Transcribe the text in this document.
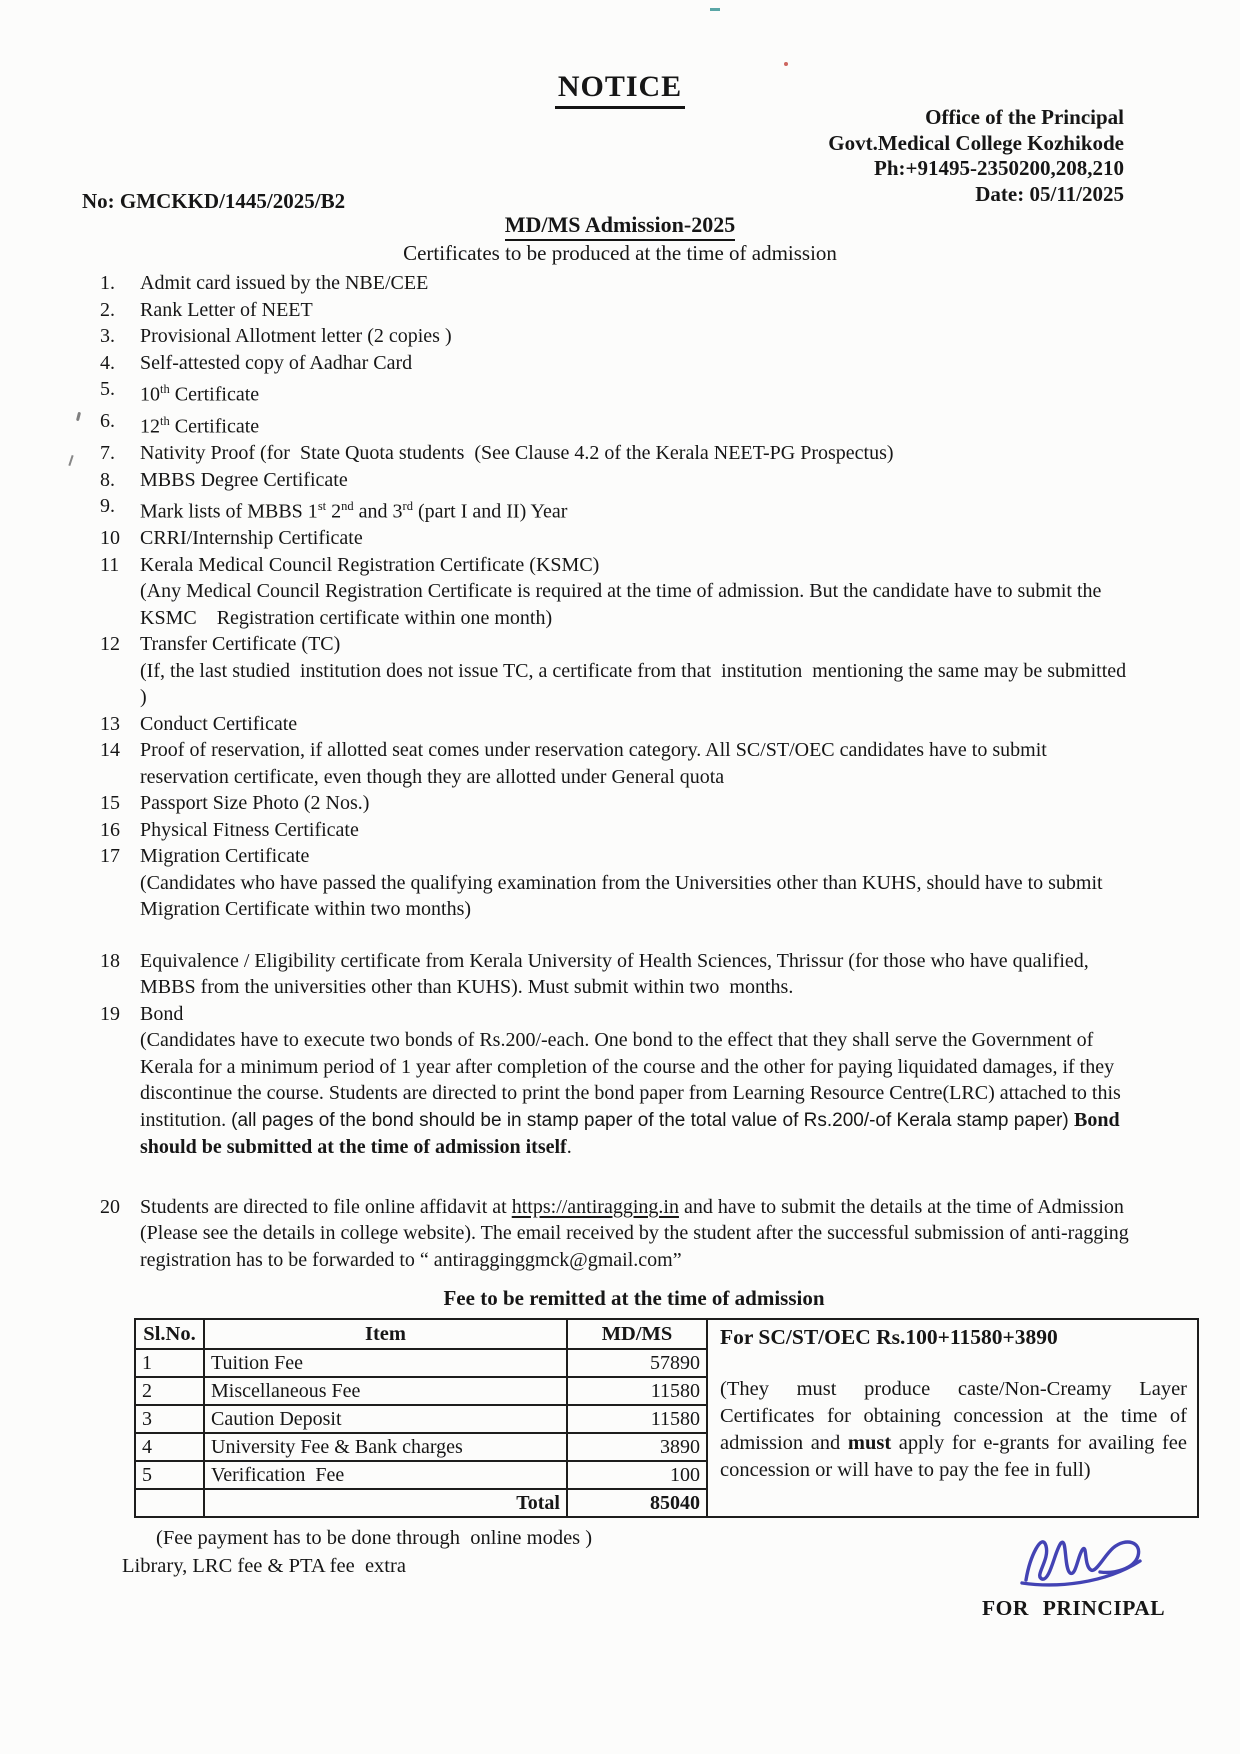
NOTICE
Office of the Principal
Govt.Medical College Kozhikode
Ph:+91495-2350200,208,210
Date: 05/11/2025
No: GMCKKD/1445/2025/B2
MD/MS Admission-2025
Certificates to be produced at the time of admission
1.	Admit card issued by the NBE/CEE

2.	Rank Letter of NEET

3.	Provisional Allotment letter (2 copies )

4.	Self-attested copy of Aadhar Card

5.	10th Certificate

6.	12th Certificate

7.	Nativity Proof (for  State Quota students  (See Clause 4.2 of the Kerala NEET-PG Prospectus)

8.	MBBS Degree Certificate

9.	Mark lists of MBBS 1st 2nd and 3rd (part I and II) Year

10	CRRI/Internship Certificate

11	Kerala Medical Council Registration Certificate (KSMC)

(Any Medical Council Registration Certificate is required at the time of admission. But the candidate have to submit the KSMC    Registration certificate within one month)

12	Transfer Certificate (TC)

(If, the last studied  institution does not issue TC, a certificate from that  institution  mentioning the same may be submitted )

13	Conduct Certificate

14	Proof of reservation, if allotted seat comes under reservation category. All SC/ST/OEC candidates have to submit reservation certificate, even though they are allotted under General quota

15	Passport Size Photo (2 Nos.)

16	Physical Fitness Certificate

17	Migration Certificate

(Candidates who have passed the qualifying examination from the Universities other than KUHS, should have to submit Migration Certificate within two months)

18	Equivalence / Eligibility certificate from Kerala University of Health Sciences, Thrissur (for those who have qualified, MBBS from the universities other than KUHS). Must submit within two  months.

19	Bond

(Candidates have to execute two bonds of Rs.200/-each. One bond to the effect that they shall serve the Government of Kerala for a minimum period of 1 year after completion of the course and the other for paying liquidated damages, if they discontinue the course. Students are directed to print the bond paper from Learning Resource Centre(LRC) attached to this institution. (all pages of the bond should be in stamp paper of the total value of Rs.200/-of Kerala stamp paper) Bond should be submitted at the time of admission itself.

20	Students are directed to file online affidavit at https://antiragging.in and have to submit the details at the time of Admission (Please see the details in college website). The email received by the student after the successful submission of anti-ragging registration has to be forwarded to “ antiragginggmck@gmail.com”

Fee to be remitted at the time of admission
Sl.No.	Item	MD/MS
1	Tuition Fee	57890
2	Miscellaneous Fee	11580
3	Caution Deposit	11580
4	University Fee & Bank charges	3890
5	Verification  Fee	100
	Total	85040
For SC/ST/OEC Rs.100+11580+3890

(They must produce caste/Non-Creamy Layer Certificates for obtaining concession at the time of admission and must apply for e-grants for availing fee concession or will have to pay the fee in full)

(Fee payment has to be done through  online modes )
Library, LRC fee & PTA fee  extra
FOR PRINCIPAL
